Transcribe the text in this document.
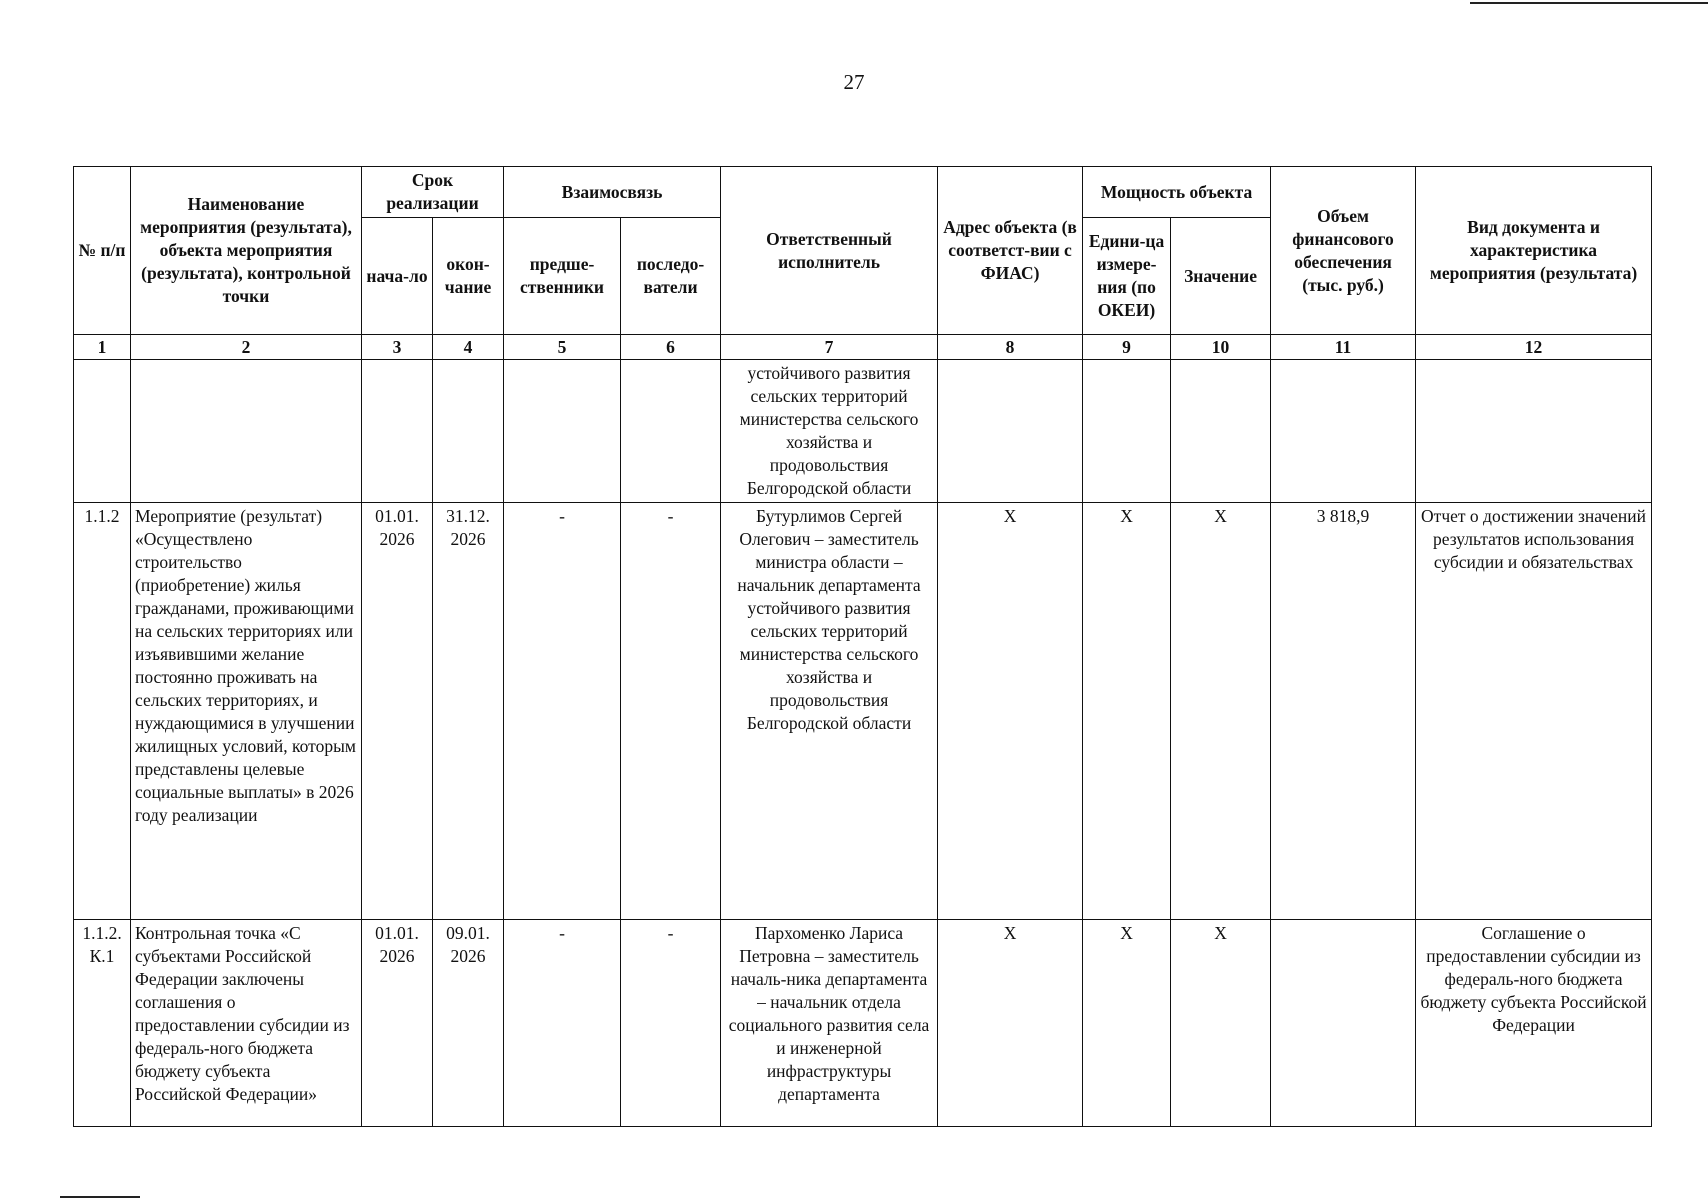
27
№ п/п	Наименование мероприятия (результата), объекта мероприятия (результата), контрольной точки	Срок реализации		Взаимосвязь		Ответственный исполнитель	Адрес объекта (в соответст-вии с ФИАС)	Мощность объекта		Объем финансового обеспечения (тыс. руб.)	Вид документа и характеристика мероприятия (результата)
		нача-ло	окон-чание	предше-ственники	последо-ватели			Едини-ца измере-ния (по ОКЕИ)	Значение		
1	2	3	4	5	6	7	8	9	10	11	12
						устойчивого развития сельских территорий министерства сельского хозяйства и продовольствия Белгородской области					
1.1.2	Мероприятие (результат) «Осуществлено строительство (приобретение) жилья гражданами, проживающими на сельских территориях или изъявившими желание постоянно проживать на сельских территориях, и нуждающимися в улучшении жилищных условий, которым представлены целевые социальные выплаты» в 2026 году реализации	01.01. 2026	31.12. 2026	-	-	Бутурлимов Сергей Олегович – заместитель министра области – начальник департамента устойчивого развития сельских территорий министерства сельского хозяйства и продовольствия Белгородской области	Х	Х	Х	3 818,9	Отчет о достижении значений результатов использования субсидии и обязательствах
1.1.2. К.1	Контрольная точка «С субъектами Российской Федерации заключены соглашения о предоставлении субсидии из федераль-ного бюджета бюджету субъекта Российской Федерации»	01.01. 2026	09.01. 2026	-	-	Пархоменко Лариса Петровна – заместитель началь-ника департамента – начальник отдела социального развития села и инженерной инфраструктуры департамента	Х	Х	Х		Соглашение о предоставлении субсидии из федераль-ного бюджета бюджету субъекта Российской Федерации
